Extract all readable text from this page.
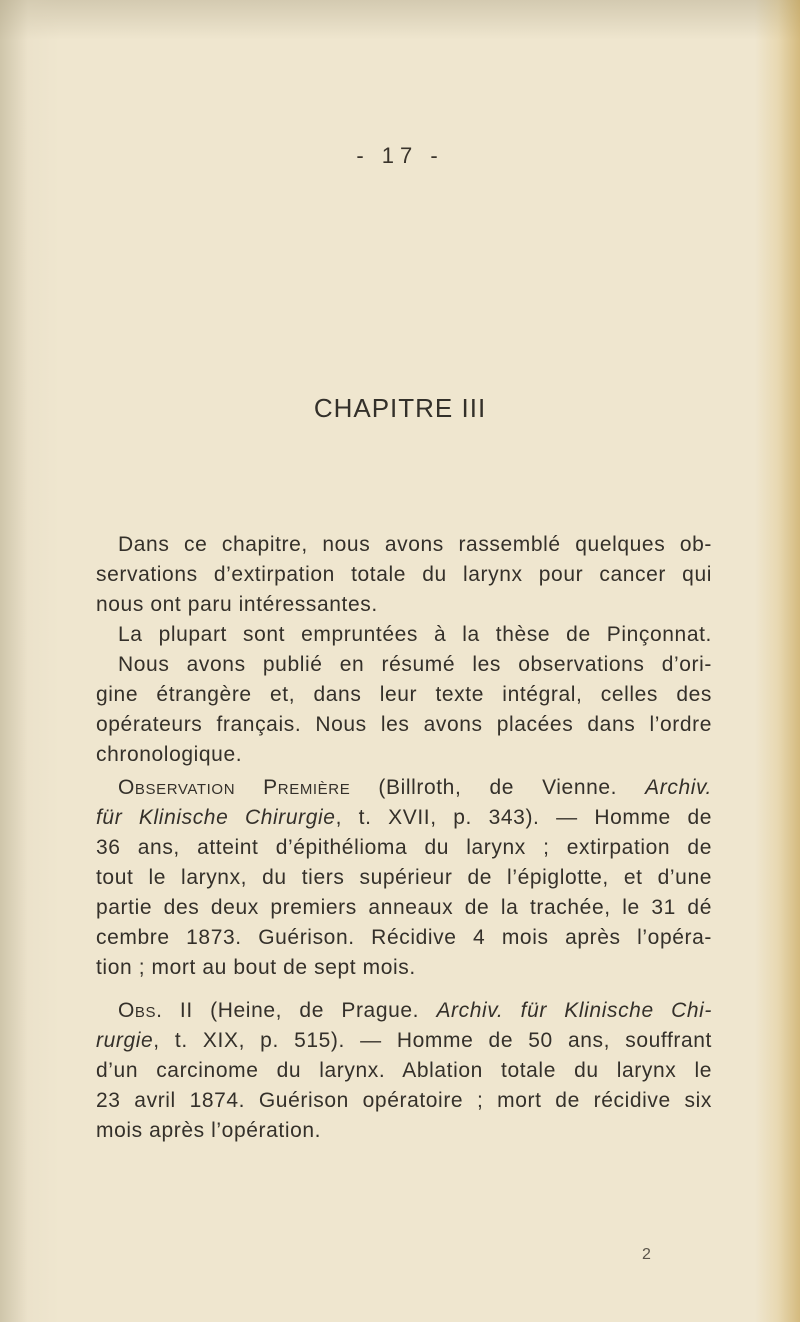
- 17 -
CHAPITRE III
Dans ce chapitre, nous avons rassemblé quelques ob-
servations d’extirpation totale du larynx pour cancer qui
nous ont paru intéressantes.
La plupart sont empruntées à la thèse de Pinçonnat.
Nous avons publié en résumé les observations d’ori-
gine étrangère et, dans leur texte intégral, celles des
opérateurs français. Nous les avons placées dans l’ordre
chronologique.
Observation Première (Billroth, de Vienne. Archiv.
für Klinische Chirurgie, t. XVII, p. 343). — Homme de
36 ans, atteint d’épithélioma du larynx ; extirpation de
tout le larynx, du tiers supérieur de l’épiglotte, et d’une
partie des deux premiers anneaux de la trachée, le 31 dé
cembre 1873. Guérison. Récidive 4 mois après l’opéra-
tion ; mort au bout de sept mois.
Obs. II (Heine, de Prague. Archiv. für Klinische Chi-
rurgie, t. XIX, p. 515). — Homme de 50 ans, souffrant
d’un carcinome du larynx. Ablation totale du larynx le
23 avril 1874. Guérison opératoire ; mort de récidive six
mois après l’opération.
2
